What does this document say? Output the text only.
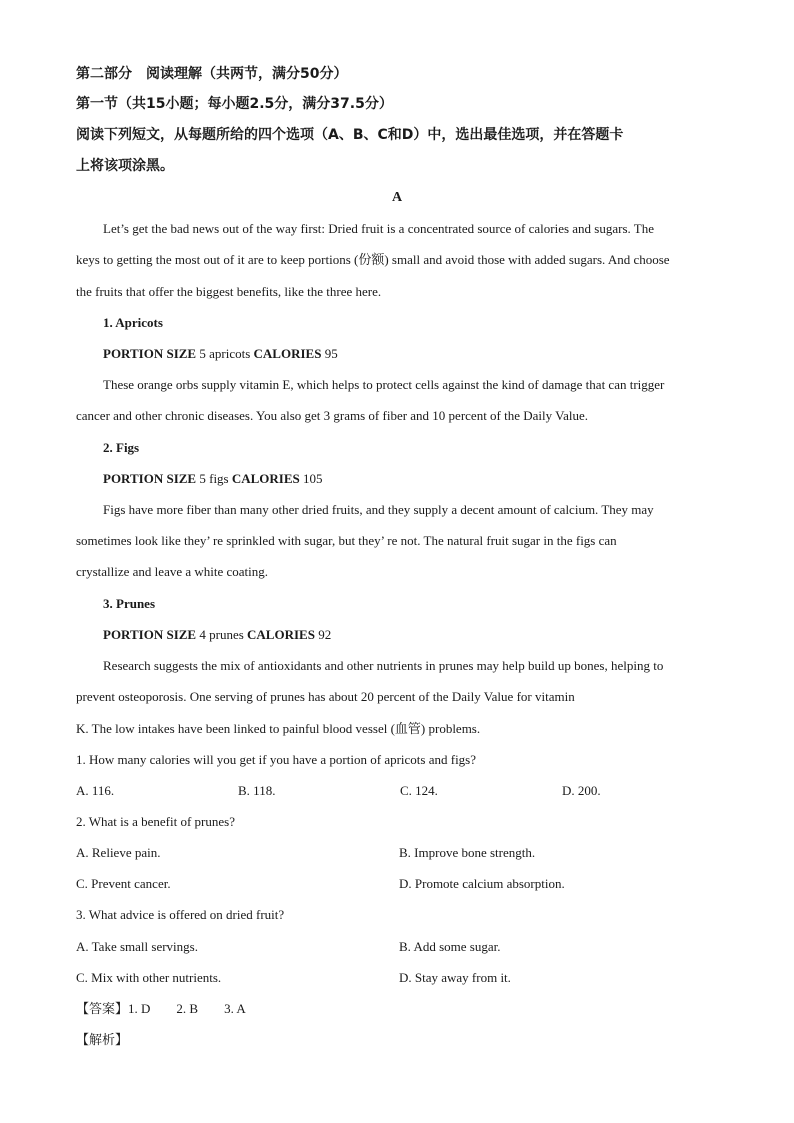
第二部分　阅读理解（共两节，满分50分）
第一节（共15小题；每小题2.5分，满分37.5分）
阅读下列短文，从每题所给的四个选项（A、B、C和D）中，选出最佳选项，并在答题卡
上将该项涂黑。
A
Let’s get the bad news out of the way first: Dried fruit is a concentrated source of calories and sugars. The
keys to getting the most out of it are to keep portions (份额) small and avoid those with added sugars. And choose
the fruits that offer the biggest benefits, like the three here.
1. Apricots
PORTION SIZE 5 apricots CALORIES 95
These orange orbs supply vitamin E, which helps to protect cells against the kind of damage that can trigger
cancer and other chronic diseases. You also get 3 grams of fiber and 10 percent of the Daily Value.
2. Figs
PORTION SIZE 5 figs CALORIES 105
Figs have more fiber than many other dried fruits, and they supply a decent amount of calcium. They may
sometimes look like they’ re sprinkled with sugar, but they’ re not. The natural fruit sugar in the figs can
crystallize and leave a white coating.
3. Prunes
PORTION SIZE 4 prunes CALORIES 92
Research suggests the mix of antioxidants and other nutrients in prunes may help build up bones, helping to
prevent osteoporosis. One serving of prunes has about 20 percent of the Daily Value for vitamin
K. The low intakes have been linked to painful blood vessel (血管) problems.
1. How many calories will you get if you have a portion of apricots and figs?
A. 116.	B. 118.	C. 124.	D. 200.
2. What is a benefit of prunes?
A. Relieve pain.	B. Improve bone strength.
C. Prevent cancer.	D. Promote calcium absorption.
3. What advice is offered on dried fruit?
A. Take small servings.	B. Add some sugar.
C. Mix with other nutrients.	D. Stay away from it.
【答案】1. D　　2. B　　3. A
【解析】
